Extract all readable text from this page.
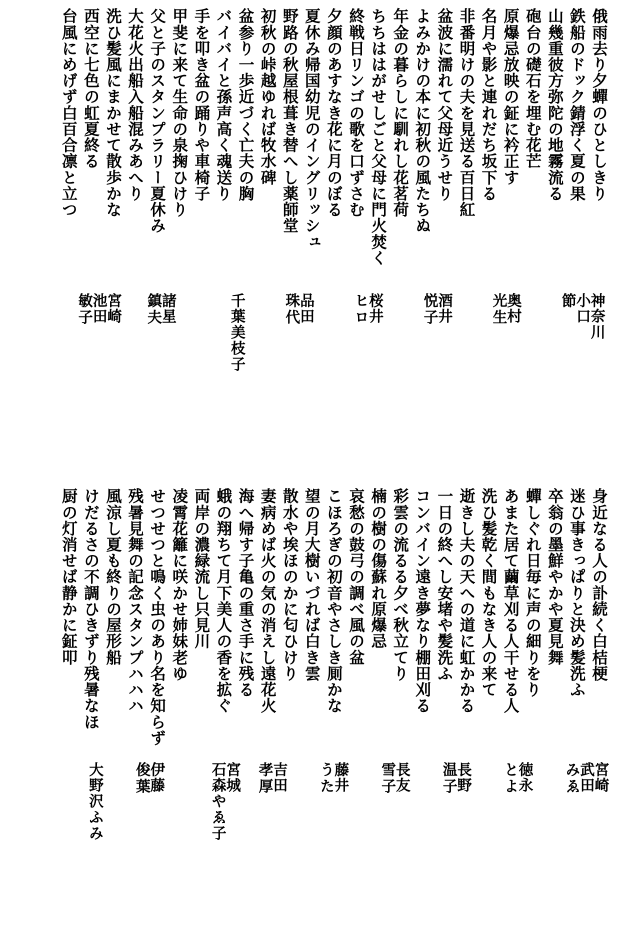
俄雨去り夕蟬のひとしきり
鉄船のドック錆浮く夏の果
山幾重彼方弥陀の地霧流る
砲台の礎石を埋む花芒
原爆忌放映の鉦に衿正す
名月や影と連れだち坂下る
非番明けの夫を見送る百日紅
盆波に濡れて父母近うせり
よみかけの本に初秋の風たちぬ
年金の暮らしに馴れし花茗荷
ちちははがせしごと父母に門火焚く
終戦日リンゴの歌を口ずさむ
夕顔のあすなき花に月のぼる
夏休み帰国幼児のイングリッシュ
野路の秋屋根葺き替へし薬師堂
初秋の峠越ゆれば牧水碑
盆参り一歩近づく亡夫の胸
バイバイと孫声高く魂送り
手を叩き盆の踊りや車椅子
甲斐に来て生命の泉掬ひけり
父と子のスタンプラリー夏休み
大花火出船入船混みあへり
洗ひ髪風にまかせて散歩かな
西空に七色の虹夏終る
台風にめげず白百合凛と立つ
神奈川
小口
節
奥村
光生
酒井
悦子
桜井
ヒロ
品田
珠代
千葉美枝子
諸星
鎮夫
宮崎
池田
敏子
身近なる人の訃続く白桔梗
迷ひ事きっぱりと決め髪洗ふ
卒翁の墨鮮やかや夏見舞
蟬しぐれ日毎に声の細りをり
あまた居て繭草刈る人干せる人
洗ひ髪乾く間もなき人の来て
逝きし夫の天への道に虹かかる
一日の終へし安堵や髪洗ふ
コンバイン遠き夢なり棚田刈る
彩雲の流るる夕べ秋立てり
楠の樹の傷蘇れ原爆忌
哀愁の鼓弓の調べ風の盆
こほろぎの初音やさしき厠かな
望の月大樹いづれば白き雲
散水や埃ほのかに匂ひけり
妻病めば火の気の消えし遠花火
海へ帰す子亀の重さ手に残る
蛾の翔ちて月下美人の香を拡ぐ
両岸の濃緑流し只見川
凌霄花籬に咲かせ姉妹老ゆ
せつせつと鳴く虫のあり名を知らず
残暑見舞の記念スタンプハハハ
風涼し夏も終りの屋形船
けだるさの不調ひきずり残暑なほ
厨の灯消せば静かに鉦叩
宮崎
武田
みゑ
徳永
とよ
長野
温子
長友
雪子
藤井
うた
吉田
孝厚
宮城
石森やゑ子
伊藤
俊葉
大野沢ふみ
